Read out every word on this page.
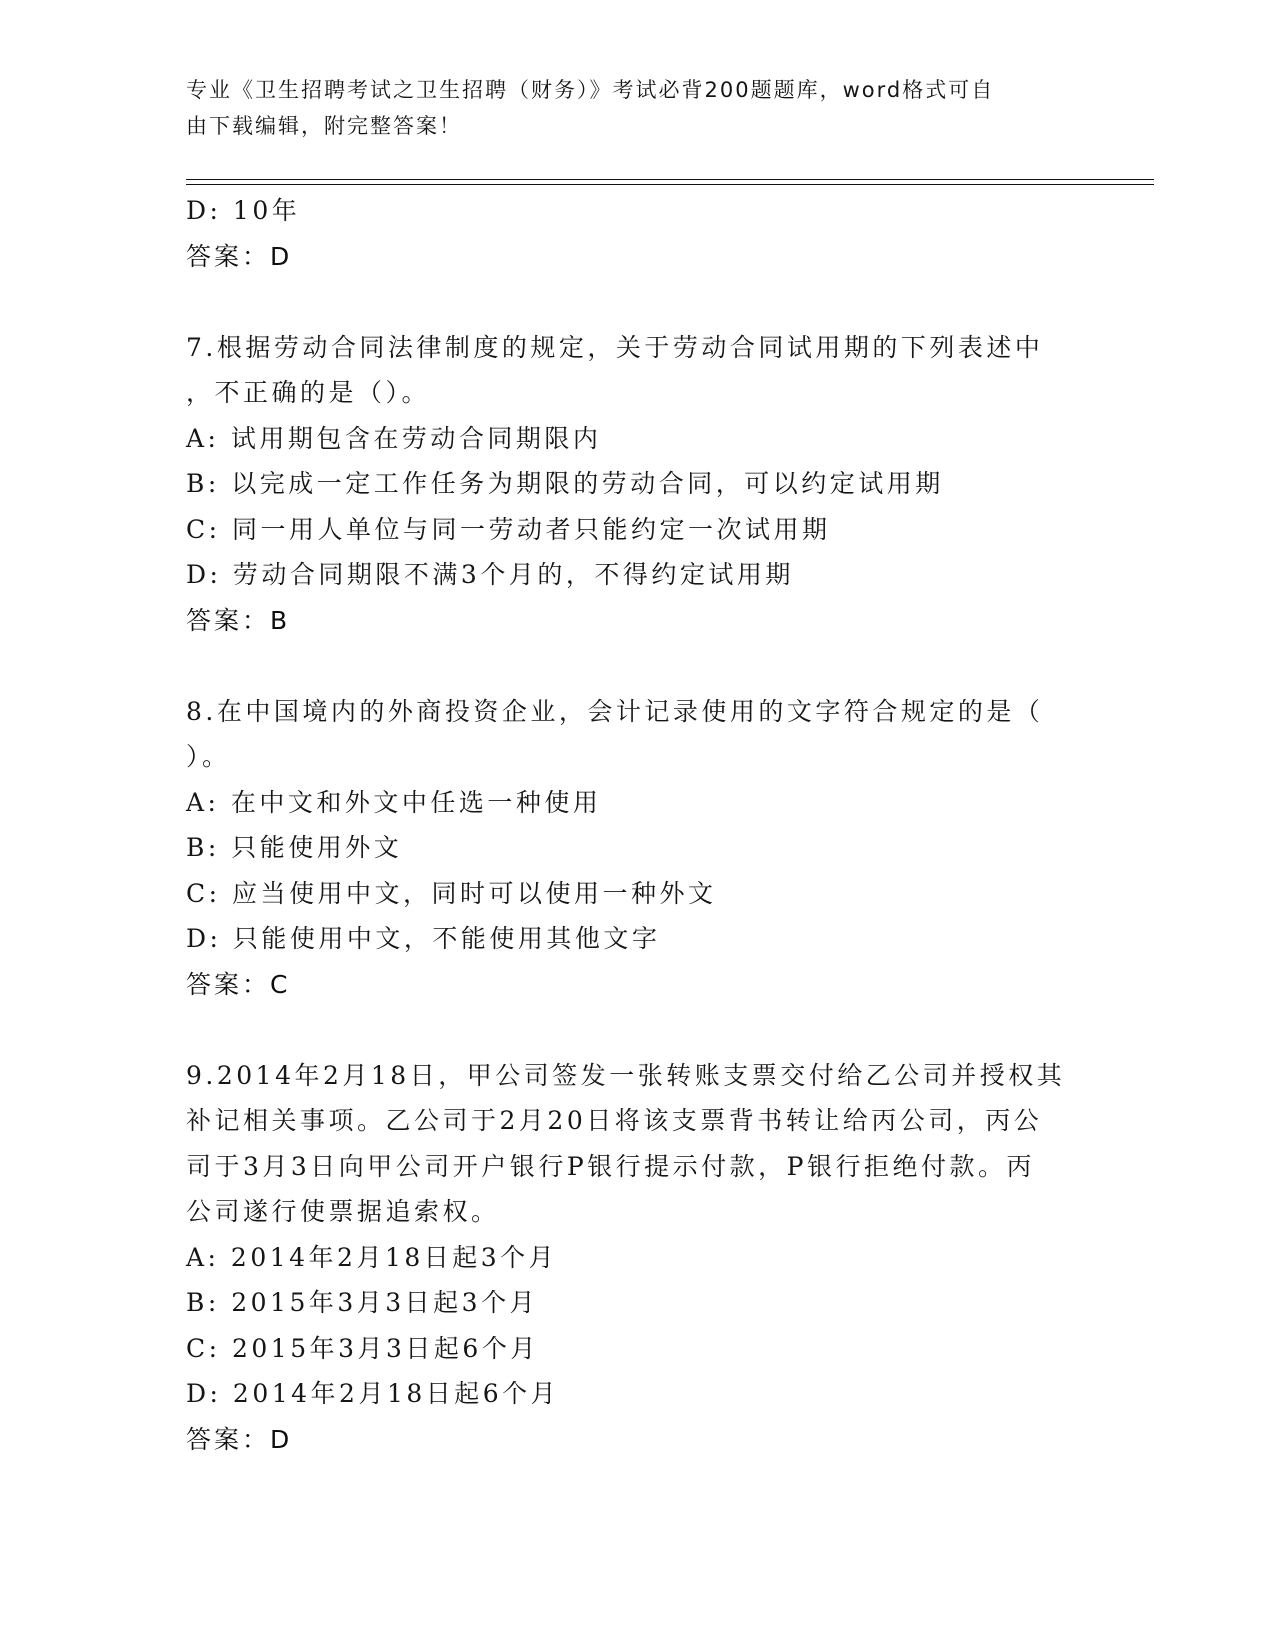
专业《卫生招聘考试之卫生招聘（财务）》考试必背200题题库，word格式可自
由下载编辑，附完整答案！
D: 10年
答案：D
7.根据劳动合同法律制度的规定，关于劳动合同试用期的下列表述中
，不正确的是（）。
A: 试用期包含在劳动合同期限内
B: 以完成一定工作任务为期限的劳动合同，可以约定试用期
C: 同一用人单位与同一劳动者只能约定一次试用期
D: 劳动合同期限不满3个月的，不得约定试用期
答案：B
8.在中国境内的外商投资企业，会计记录使用的文字符合规定的是（
）。
A: 在中文和外文中任选一种使用
B: 只能使用外文
C: 应当使用中文，同时可以使用一种外文
D: 只能使用中文，不能使用其他文字
答案：C
9.2014年2月18日，甲公司签发一张转账支票交付给乙公司并授权其
补记相关事项。乙公司于2月20日将该支票背书转让给丙公司，丙公
司于3月3日向甲公司开户银行P银行提示付款，P银行拒绝付款。丙
公司遂行使票据追索权。
A: 2014年2月18日起3个月
B: 2015年3月3日起3个月
C: 2015年3月3日起6个月
D: 2014年2月18日起6个月
答案：D
